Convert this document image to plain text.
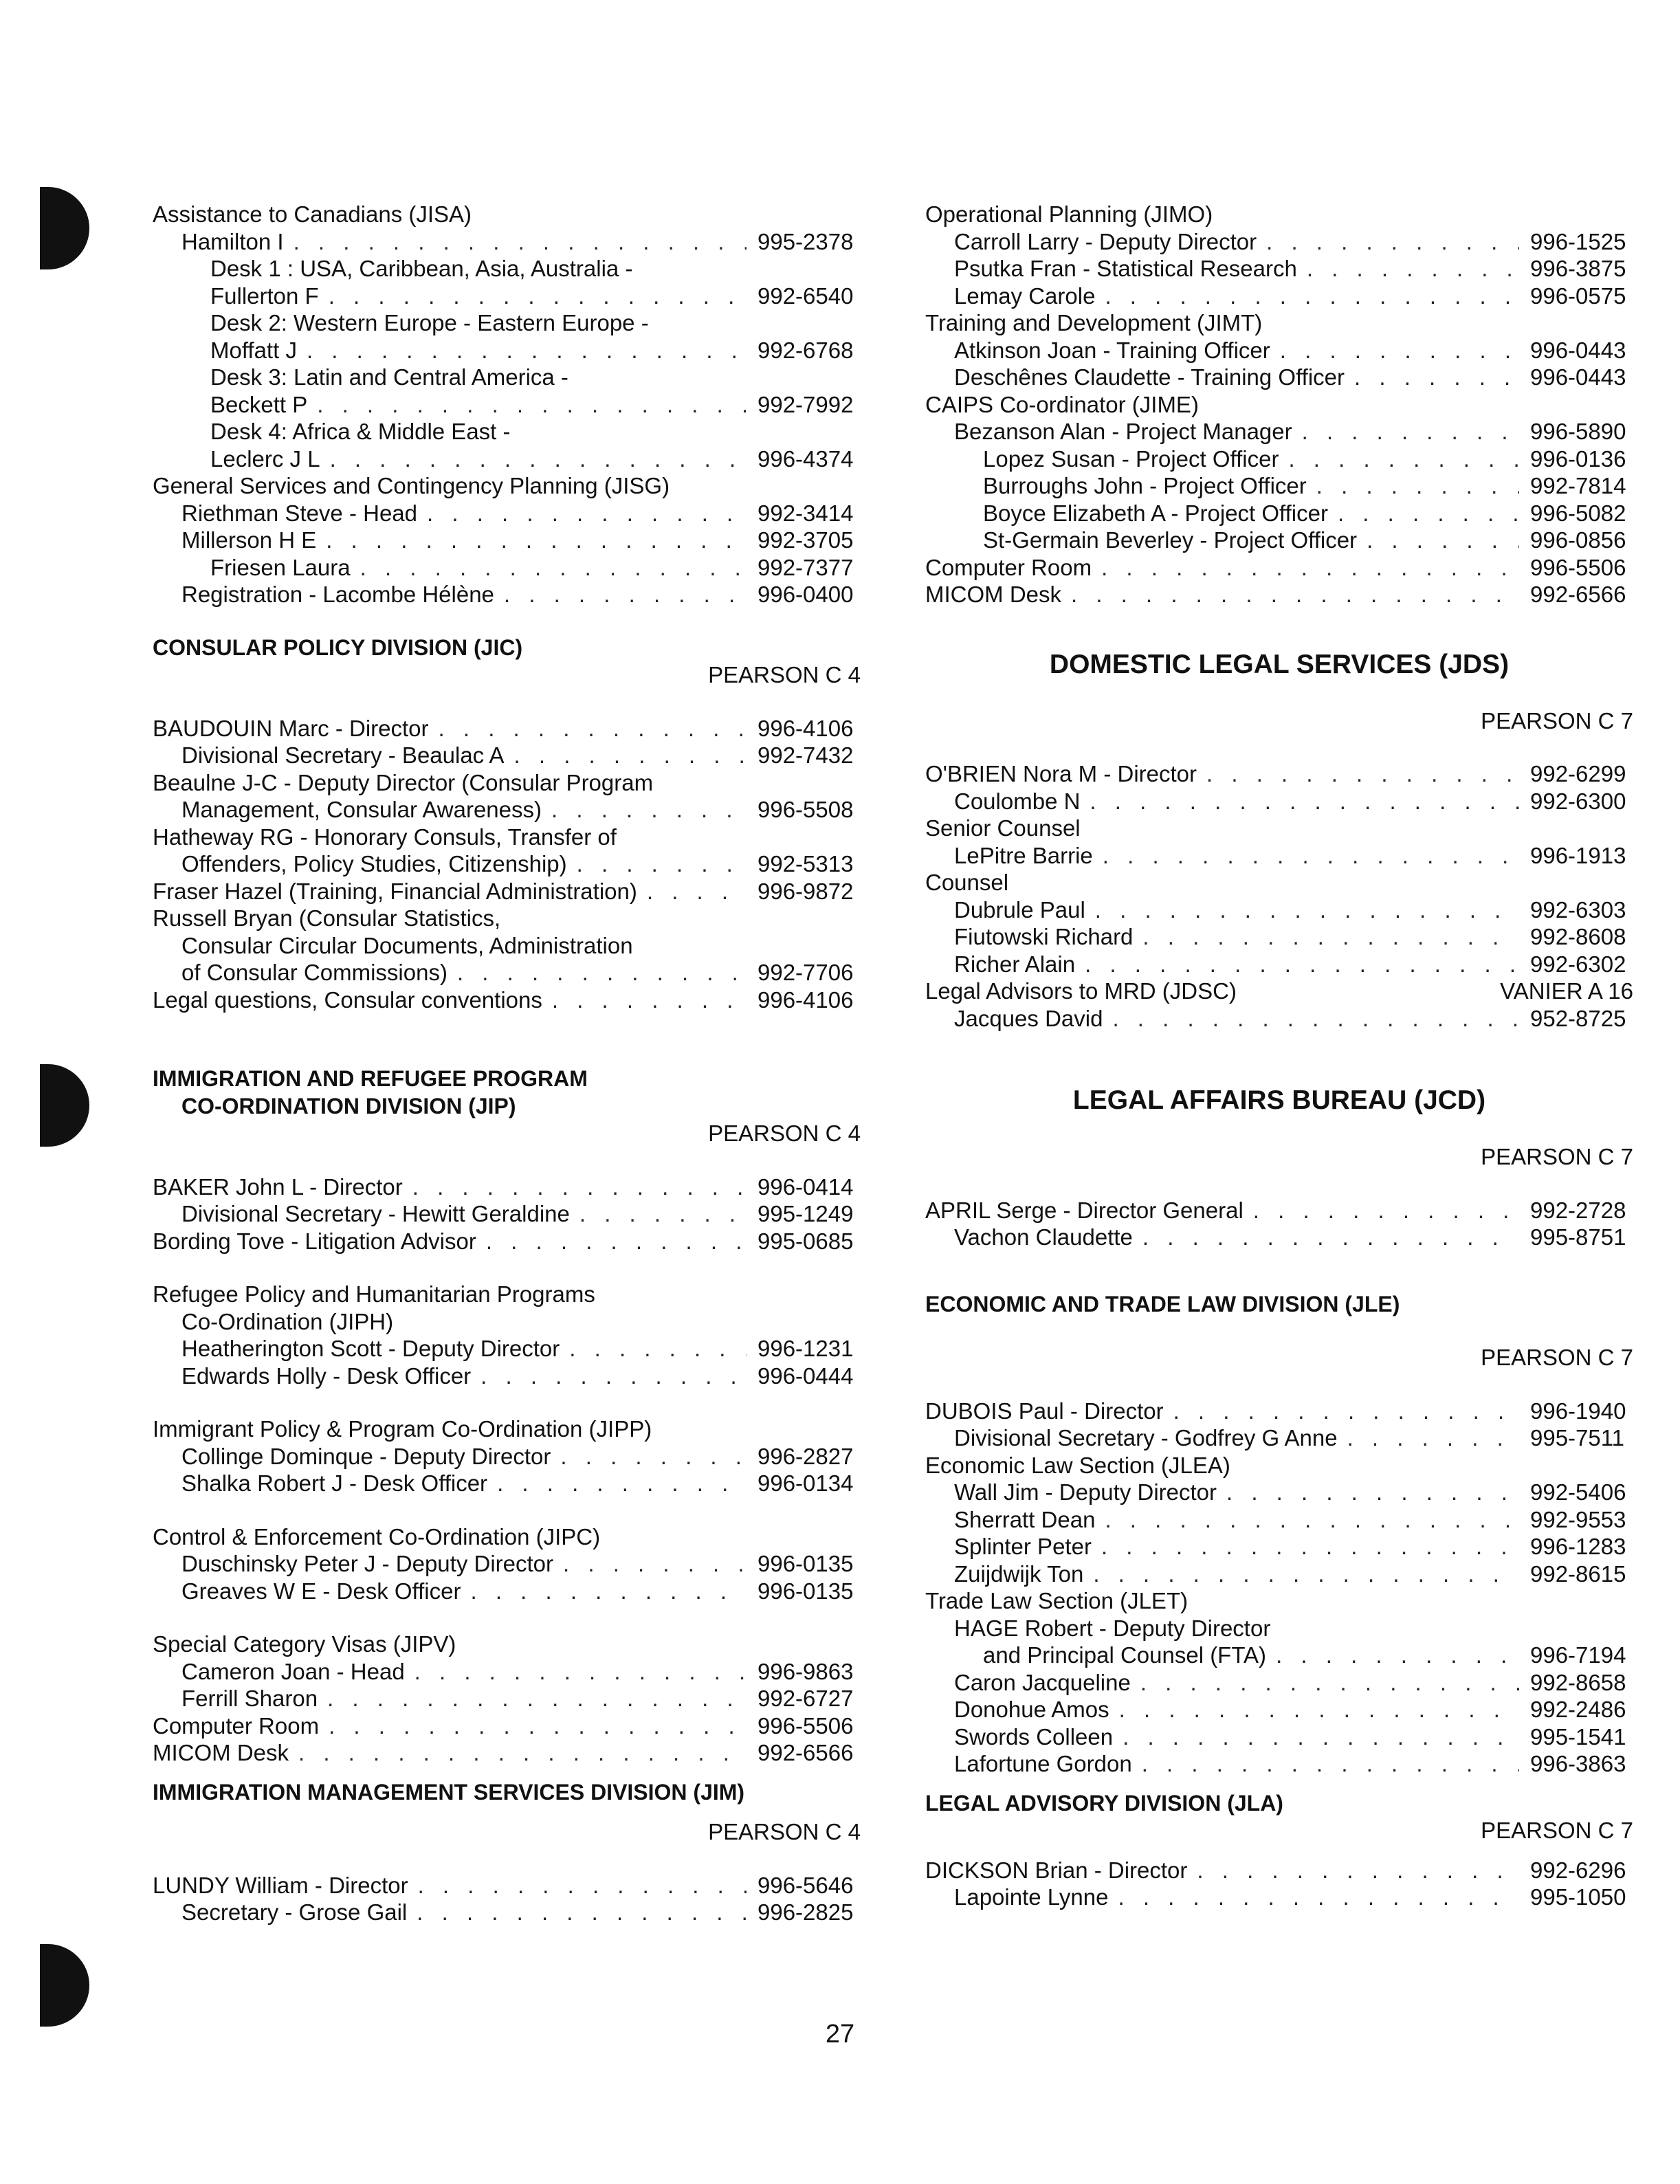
Assistance to Canadians (JISA)
Hamilton I . . .	995-2378
Desk 1 : USA, Caribbean, Asia, Australia -
Fullerton F . . .	992-6540
Desk 2: Western Europe - Eastern Europe -
Moffatt J . . .	992-6768
Desk 3: Latin and Central America -
Beckett P . . .	992-7992
Desk 4: Africa & Middle East -
Leclerc J L . . .	996-4374
General Services and Contingency Planning (JISG)
Riethman Steve - Head . . .	992-3414
Millerson H E . . .	992-3705
Friesen Laura . . .	992-7377
Registration - Lacombe Hélène . . .	996-0400
CONSULAR POLICY DIVISION (JIC)
PEARSON C 4
BAUDOUIN Marc - Director . . .	996-4106
Divisional Secretary - Beaulac A . . .	992-7432
Beaulne J-C - Deputy Director (Consular Program
Management, Consular Awareness) . . .	996-5508
Hatheway RG - Honorary Consuls, Transfer of
Offenders, Policy Studies, Citizenship) . . .	992-5313
Fraser Hazel (Training, Financial Administration) . . .	996-9872
Russell Bryan (Consular Statistics,
Consular Circular Documents, Administration
of Consular Commissions) . . .	992-7706
Legal questions, Consular conventions . . .	996-4106
IMMIGRATION AND REFUGEE PROGRAM
CO-ORDINATION DIVISION (JIP)
PEARSON C 4
BAKER John L - Director . . .	996-0414
Divisional Secretary - Hewitt Geraldine . . .	995-1249
Bording Tove - Litigation Advisor . . .	995-0685
Refugee Policy and Humanitarian Programs
Co-Ordination (JIPH)
Heatherington Scott - Deputy Director . . .	996-1231
Edwards Holly - Desk Officer . . .	996-0444
Immigrant Policy & Program Co-Ordination (JIPP)
Collinge Dominque - Deputy Director . . .	996-2827
Shalka Robert J - Desk Officer . . .	996-0134
Control & Enforcement Co-Ordination (JIPC)
Duschinsky Peter J - Deputy Director . . .	996-0135
Greaves W E - Desk Officer . . .	996-0135
Special Category Visas (JIPV)
Cameron Joan - Head . . .	996-9863
Ferrill Sharon . . .	992-6727
Computer Room . . .	996-5506
MICOM Desk . . .	992-6566
IMMIGRATION MANAGEMENT SERVICES DIVISION (JIM)
PEARSON C 4
LUNDY William - Director . . .	996-5646
Secretary - Grose Gail . . .	996-2825
Operational Planning (JIMO)
Carroll Larry - Deputy Director . . .	996-1525
Psutka Fran - Statistical Research . . .	996-3875
Lemay Carole . . .	996-0575
Training and Development (JIMT)
Atkinson Joan - Training Officer . . .	996-0443
Deschênes Claudette - Training Officer . . .	996-0443
CAIPS Co-ordinator (JIME)
Bezanson Alan - Project Manager . . .	996-5890
Lopez Susan - Project Officer . . .	996-0136
Burroughs John - Project Officer . . .	992-7814
Boyce Elizabeth A - Project Officer . . .	996-5082
St-Germain Beverley - Project Officer . . .	996-0856
Computer Room . . .	996-5506
MICOM Desk . . .	992-6566
DOMESTIC LEGAL SERVICES (JDS)
PEARSON C 7
O'BRIEN Nora M - Director . . .	992-6299
Coulombe N . . .	992-6300
Senior Counsel
LePitre Barrie . . .	996-1913
Counsel
Dubrule Paul . . .	992-6303
Fiutowski Richard . . .	992-8608
Richer Alain . . .	992-6302
Legal Advisors to MRD (JDSC)	VANIER A 16
Jacques David . . .	952-8725
LEGAL AFFAIRS BUREAU (JCD)
PEARSON C 7
APRIL Serge - Director General . . .	992-2728
Vachon Claudette . . .	995-8751
ECONOMIC AND TRADE LAW DIVISION (JLE)
PEARSON C 7
DUBOIS Paul - Director . . .	996-1940
Divisional Secretary - Godfrey G Anne . . .	995-7511
Economic Law Section (JLEA)
Wall Jim - Deputy Director . . .	992-5406
Sherratt Dean . . .	992-9553
Splinter Peter . . .	996-1283
Zuijdwijk Ton . . .	992-8615
Trade Law Section (JLET)
HAGE Robert - Deputy Director
and Principal Counsel (FTA) . . .	996-7194
Caron Jacqueline . . .	992-8658
Donohue Amos . . .	992-2486
Swords Colleen . . .	995-1541
Lafortune Gordon . . .	996-3863
LEGAL ADVISORY DIVISION (JLA)
PEARSON C 7
DICKSON Brian - Director . . .	992-6296
Lapointe Lynne . . .	995-1050
27
